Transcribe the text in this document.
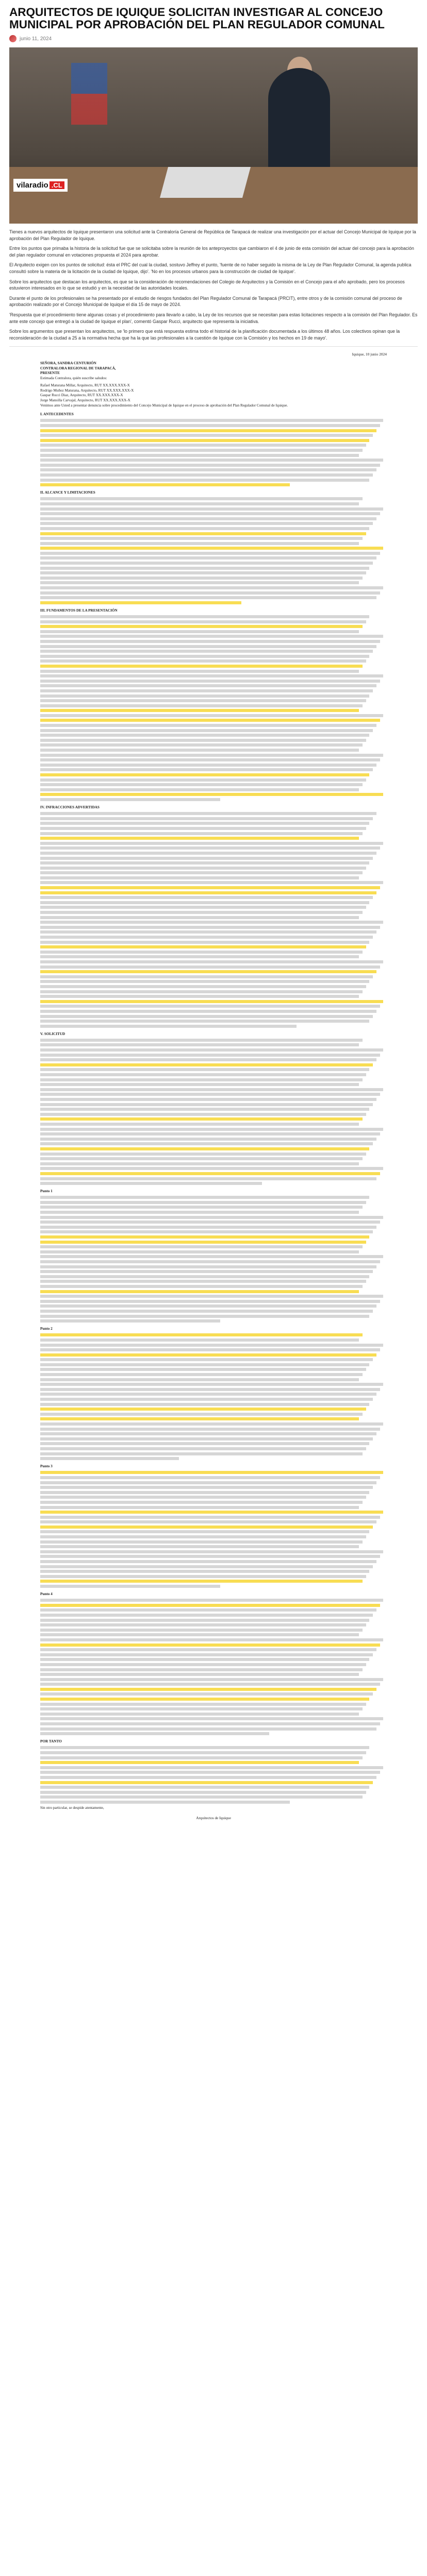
ARQUITECTOS DE IQUIQUE SOLICITAN INVESTIGAR AL CONCEJO MUNICIPAL POR APROBACIÓN DEL PLAN REGULADOR COMUNAL
junio 11, 2024
vilaradio .CL

Tienes a nuevos arquitectos de Iquique presentaron una solicitud ante la Contraloría General de República de Tarapacá de realizar una investigación por el actuar del Concejo Municipal de Iquique por la aprobación del Plan Regulador de Iquique.

Entre los puntos que primaba la historia de la solicitud fue que se solicitaba sobre la reunión de los anteproyectos que cambiaron el 4 de junio de esta comisión del actuar del concejo para la aprobación del plan regulador comunal en votaciones propuesta el 2024 para aprobar.

El Arquitecto exigen con los puntos de solicitud: ésta el PRC del cual la ciudad, sostuvo Jeffrey el punto, 'fuente de no haber seguido la misma de la Ley de Plan Regulador Comunal, la agenda publica consultó sobre la materia de la licitación de la ciudad de Iquique, dijo'. 'No en los procesos urbanos para la construcción de ciudad de Iquique'.

Sobre los arquitectos que destacan los arquitectos, es que se la consideración de recomendaciones del Colegio de Arquitectos y la Comisión en el Concejo para el año aprobado, pero los procesos estuvieron interesados en lo que se estudió y en la necesidad de las autoridades locales.

Durante el punto de los profesionales se ha presentado por el estudio de riesgos fundados del Plan Regulador Comunal de Tarapacá (PRCIT), entre otros y de la comisión comunal del proceso de aprobación realizado por el Concejo Municipal de Iquique el día 15 de mayo de 2024.

'Respuesta que el procedimiento tiene algunas cosas y el procedimiento para llevarlo a cabo, la Ley de los recursos que se necesitan para estas licitaciones respecto a la comisión del Plan Regulador. Es ante este concejo que entregó a la ciudad de Iquique el plan', comentó Gaspar Rucci, arquitecto que representa la iniciativa.

Sobre los argumentos que presentan los arquitectos, se 'lo primero que está respuesta estima todo el historial de la planificación documentada a los últimos 48 años. Los colectivos opinan que la reconsideración de la ciudad a 25 a la normativa hecha que ha la que las profesionales a la cuestión de Iquique con la Comisión y los hechos en 19 de mayo'.

Iquique, 10 junio 2024
SEÑORA, SANDRA CENTURIÓN
CONTRALORA REGIONAL DE TARAPACÁ,
PRESENTE

Estimada Contralora, quién suscribe saludos:

Rafael Maturana Millar, Arquitecto, RUT XX.XXX.XXX-X
Rodrigo Muñoz Maturana, Arquitecto, RUT XX.XXX.XXX-X
Gaspar Rucci Diaz, Arquitecto, RUT XX.XXX.XXX-X
Jorge Mansilla Carvajal, Arquitecto, RUT XX.XXX.XXX-X

Venimos ante Usted a presentar denuncia sobre procedimiento del Concejo Municipal de Iquique en el proceso de aprobación del Plan Regulador Comunal de Iquique.

I. ANTECEDENTES
II. ALCANCE Y LIMITACIONES
III. FUNDAMENTOS DE LA PRESENTACIÓN
IV. INFRACCIONES ADVERTIDAS
V. SOLICITUD
Punto 1
Punto 2
Punto 3
Punto 4
POR TANTO

Sin otro particular, se despide atentamente,

Arquitectos de Iquique
